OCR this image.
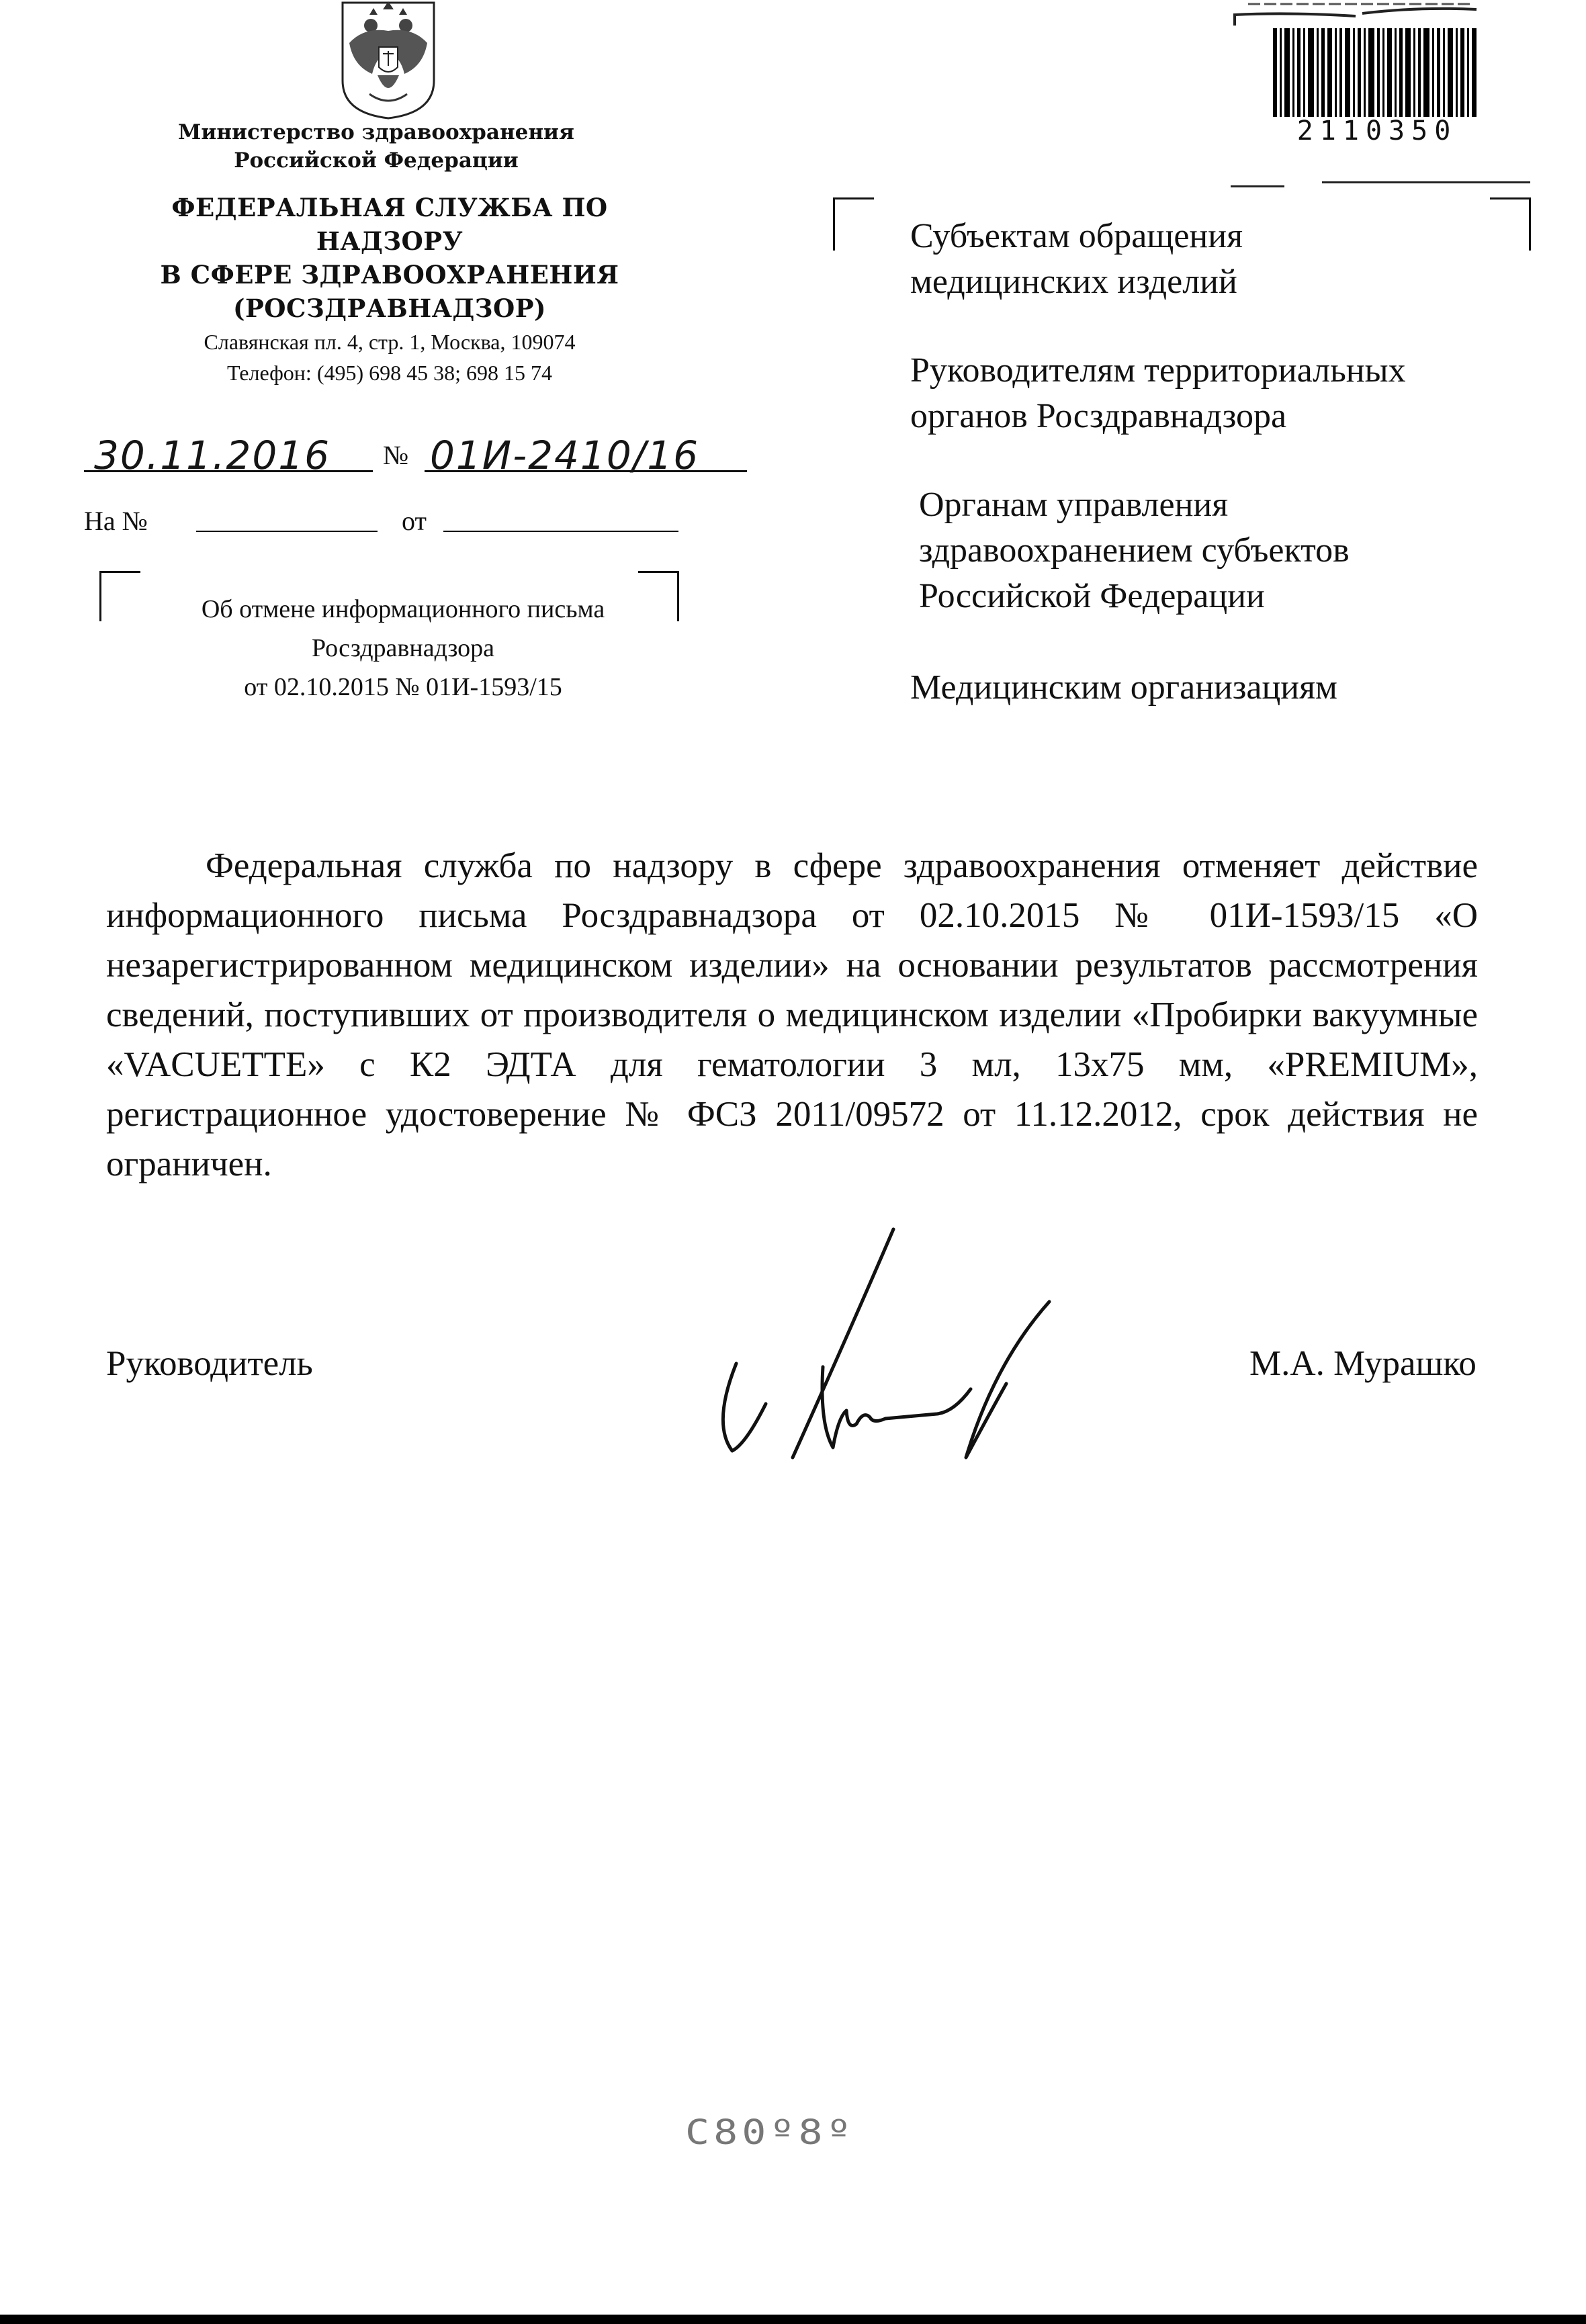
Министерство здравоохранения
Российской Федерации
ФЕДЕРАЛЬНАЯ СЛУЖБА ПО НАДЗОРУ
В СФЕРЕ ЗДРАВООХРАНЕНИЯ
(РОСЗДРАВНАДЗОР)
Славянская пл. 4, стр. 1, Москва, 109074
Телефон: (495) 698 45 38; 698 15 74
30.11.2016 № 01И-2410/16
На №	от
Об отмене информационного письма
Росздравнадзора
от 02.10.2015 № 01И-1593/15
2110350
Субъектам обращения
медицинских изделий
Руководителям территориальных
органов Росздравнадзора
Органам управления
здравоохранением субъектов
Российской Федерации
Медицинским организациям
Федеральная служба по надзору в сфере здравоохранения отменяет действие информационного письма Росздравнадзора от 02.10.2015 № 01И-1593/15 «О незарегистрированном медицинском изделии» на основании результатов рассмотрения сведений, поступивших от производителя о медицинском изделии «Пробирки вакуумные «VACUETTE» с К2 ЭДТА для гематологии 3 мл, 13х75 мм, «PREMIUM», регистрационное удостоверение № ФСЗ 2011/09572 от 11.12.2012, срок действия не ограничен.
Руководитель	М.А. Мурашко
C80º8º
